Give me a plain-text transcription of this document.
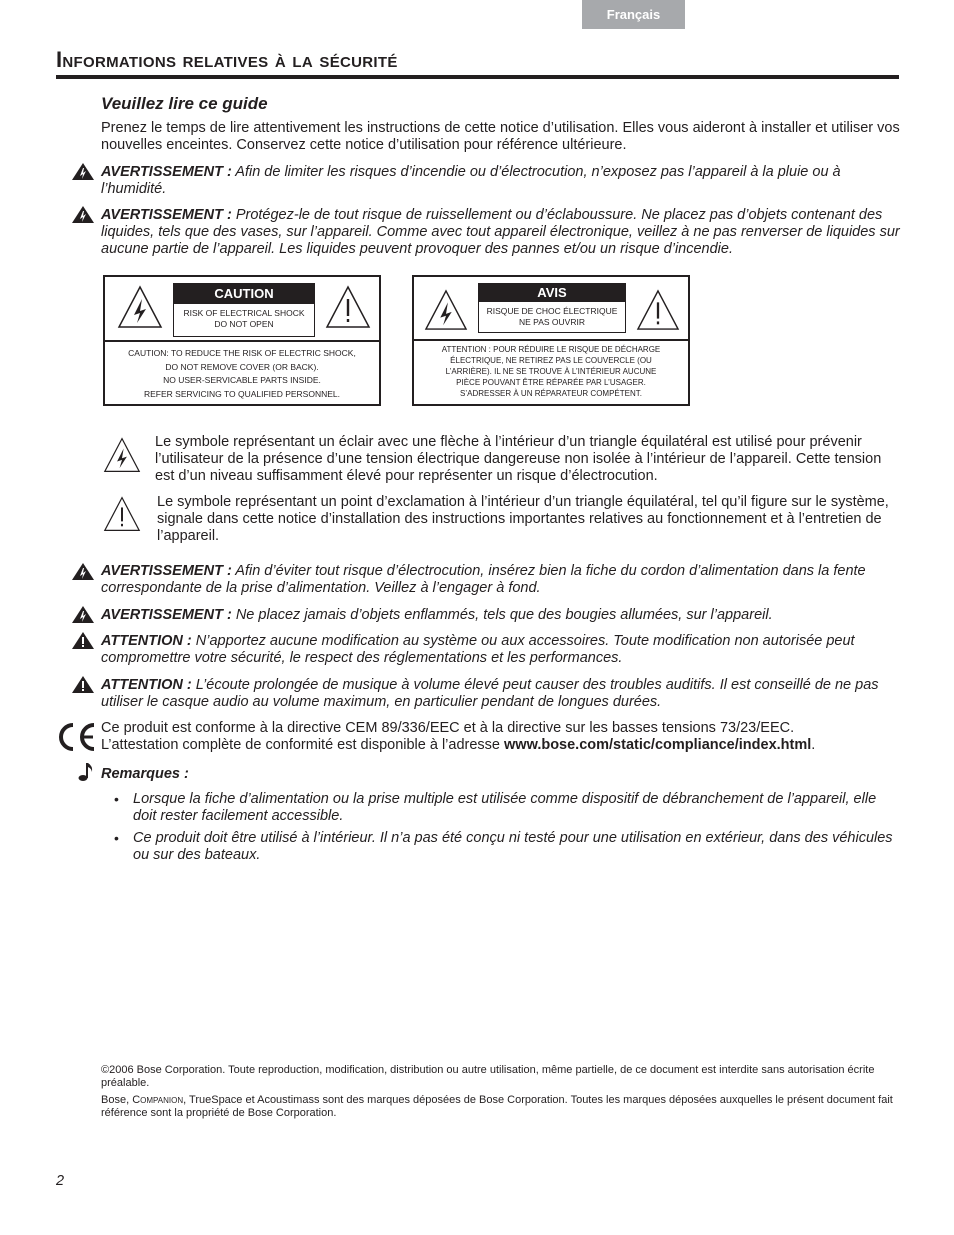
Français
Informations relatives à la sécurité
Veuillez lire ce guide
Prenez le temps de lire attentivement les instructions de cette notice d’utilisation. Elles vous aideront à installer et utiliser vos nouvelles enceintes. Conservez cette notice d’utilisation pour référence ultérieure.
AVERTISSEMENT : Afin de limiter les risques d’incendie ou d’électrocution, n’exposez pas l’appareil à la pluie ou à l’humidité.
AVERTISSEMENT : Protégez-le de tout risque de ruissellement ou d’éclaboussure. Ne placez pas d’objets contenant des liquides, tels que des vases, sur l’appareil. Comme avec tout appareil électronique, veillez à ne pas renverser de liquides sur aucune partie de l’appareil. Les liquides peuvent provoquer des pannes et/ou un risque d’incendie.
CAUTION
RISK OF ELECTRICAL SHOCK
DO NOT OPEN
CAUTION: TO REDUCE THE RISK OF ELECTRIC SHOCK,
DO NOT REMOVE COVER (OR BACK).
NO USER-SERVICABLE PARTS INSIDE.
REFER SERVICING TO QUALIFIED PERSONNEL.
AVIS
RISQUE DE CHOC ÉLECTRIQUE
NE PAS OUVRIR
ATTENTION : POUR RÉDUIRE LE RISQUE DE DÉCHARGE
ÉLECTRIQUE, NE RETIREZ PAS LE COUVERCLE (OU
L’ARRIÈRE). IL NE SE TROUVE À L’INTÉRIEUR AUCUNE
PIÈCE POUVANT ÊTRE RÉPARÉE PAR L’USAGER.
S’ADRESSER À UN RÉPARATEUR COMPÉTENT.
Le symbole représentant un éclair avec une flèche à l’intérieur d’un triangle équilatéral est utilisé pour prévenir l’utilisateur de la présence d’une tension électrique dangereuse non isolée à l’intérieur de l’appareil. Cette tension est d’un niveau suffisamment élevé pour représenter un risque d’électrocution.
Le symbole représentant un point d’exclamation à l’intérieur d’un triangle équilatéral, tel qu’il figure sur le système, signale dans cette notice d’installation des instructions importantes relatives au fonctionnement et à l’entretien de l’appareil.
AVERTISSEMENT : Afin d’éviter tout risque d’électrocution, insérez bien la fiche du cordon d’alimentation dans la fente correspondante de la prise d’alimentation. Veillez à l’engager à fond.
AVERTISSEMENT : Ne placez jamais d’objets enflammés, tels que des bougies allumées, sur l’appareil.
ATTENTION : N’apportez aucune modification au système ou aux accessoires. Toute modification non autorisée peut compromettre votre sécurité, le respect des réglementations et les performances.
ATTENTION : L’écoute prolongée de musique à volume élevé peut causer des troubles auditifs. Il est conseillé de ne pas utiliser le casque audio au volume maximum, en particulier pendant de longues durées.
Ce produit est conforme à la directive CEM 89/336/EEC et à la directive sur les basses tensions 73/23/EEC.
L’attestation complète de conformité est disponible à l’adresse www.bose.com/static/compliance/index.html.
Remarques :
• Lorsque la fiche d’alimentation ou la prise multiple est utilisée comme dispositif de débranchement de l’appareil, elle doit rester facilement accessible.
• Ce produit doit être utilisé à l’intérieur. Il n’a pas été conçu ni testé pour une utilisation en extérieur, dans des véhicules ou sur des bateaux.
©2006 Bose Corporation. Toute reproduction, modification, distribution ou autre utilisation, même partielle, de ce document est interdite sans autorisation écrite préalable.
Bose, Companion, TrueSpace et Acoustimass sont des marques déposées de Bose Corporation. Toutes les marques déposées auxquelles le présent document fait référence sont la propriété de Bose Corporation.
2
